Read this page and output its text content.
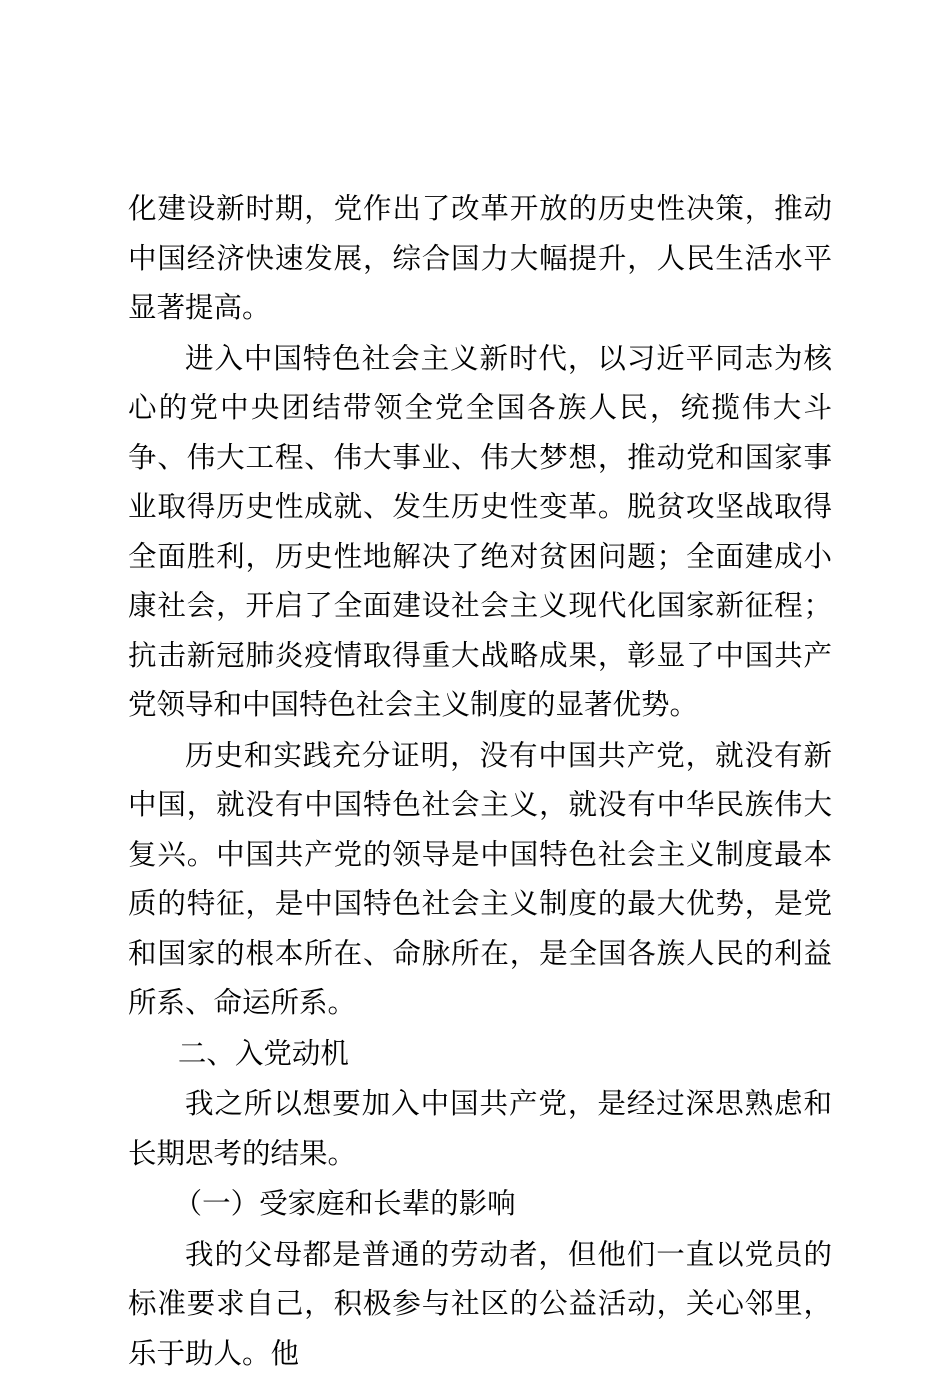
化建设新时期，党作出了改革开放的历史性决策，推动中国经济快速发展，综合国力大幅提升，人民生活水平显著提高。

进入中国特色社会主义新时代，以习近平同志为核心的党中央团结带领全党全国各族人民，统揽伟大斗争、伟大工程、伟大事业、伟大梦想，推动党和国家事业取得历史性成就、发生历史性变革。脱贫攻坚战取得全面胜利，历史性地解决了绝对贫困问题；全面建成小康社会，开启了全面建设社会主义现代化国家新征程；抗击新冠肺炎疫情取得重大战略成果，彰显了中国共产党领导和中国特色社会主义制度的显著优势。

历史和实践充分证明，没有中国共产党，就没有新中国，就没有中国特色社会主义，就没有中华民族伟大复兴。中国共产党的领导是中国特色社会主义制度最本质的特征，是中国特色社会主义制度的最大优势，是党和国家的根本所在、命脉所在，是全国各族人民的利益所系、命运所系。

二、入党动机

我之所以想要加入中国共产党，是经过深思熟虑和长期思考的结果。

（一）受家庭和长辈的影响

我的父母都是普通的劳动者，但他们一直以党员的标准要求自己，积极参与社区的公益活动，关心邻里，乐于助人。他
